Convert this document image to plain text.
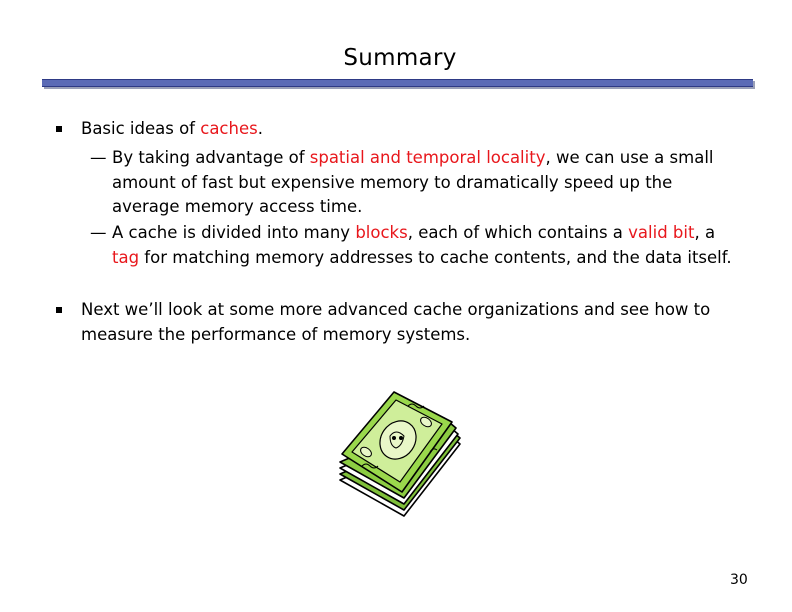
Summary
Basic ideas of caches.
— By taking advantage of spatial and temporal locality, we can use a small amount of fast but expensive memory to dramatically speed up the average memory access time.
— A cache is divided into many blocks, each of which contains a valid bit, a tag for matching memory addresses to cache contents, and the data itself.
Next we’ll look at some more advanced cache organizations and see how to measure the performance of memory systems.
30
